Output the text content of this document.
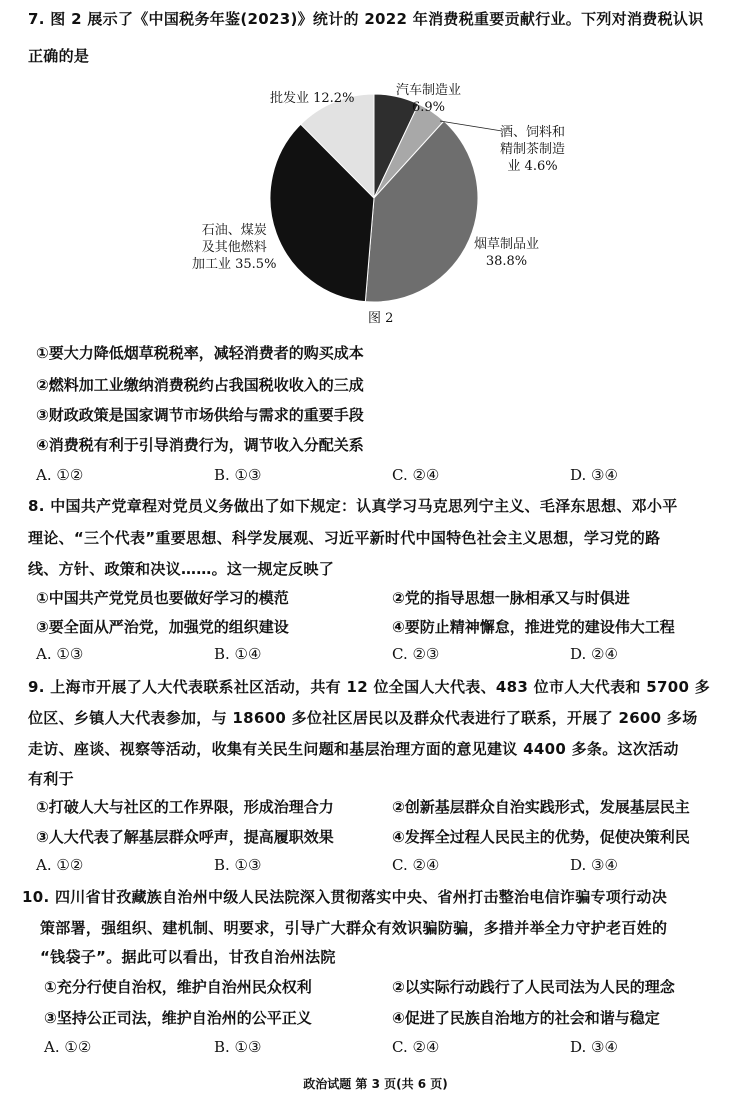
7. 图 2 展示了《中国税务年鉴(2023)》统计的 2022 年消费税重要贡献行业。下列对消费税认识
正确的是
汽车制造业
6.9%
酒、饲料和
精制茶制造
业 4.6%
烟草制品业
38.8%
石油、煤炭
及其他燃料
加工业 35.5%
批发业 12.2%
图 2
①要大力降低烟草税税率，减轻消费者的购买成本
②燃料加工业缴纳消费税约占我国税收收入的三成
③财政政策是国家调节市场供给与需求的重要手段
④消费税有利于引导消费行为，调节收入分配关系
A. ①②	B. ①③	C. ②④	D. ③④
8. 中国共产党章程对党员义务做出了如下规定：认真学习马克思列宁主义、毛泽东思想、邓小平
理论、“三个代表”重要思想、科学发展观、习近平新时代中国特色社会主义思想，学习党的路
线、方针、政策和决议……。这一规定反映了
①中国共产党党员也要做好学习的模范	②党的指导思想一脉相承又与时俱进
③要全面从严治党，加强党的组织建设	④要防止精神懈怠，推进党的建设伟大工程
A. ①③	B. ①④	C. ②③	D. ②④
9. 上海市开展了人大代表联系社区活动，共有 12 位全国人大代表、483 位市人大代表和 5700 多
位区、乡镇人大代表参加，与 18600 多位社区居民以及群众代表进行了联系，开展了 2600 多场
走访、座谈、视察等活动，收集有关民生问题和基层治理方面的意见建议 4400 多条。这次活动
有利于
①打破人大与社区的工作界限，形成治理合力	②创新基层群众自治实践形式，发展基层民主
③人大代表了解基层群众呼声，提高履职效果	④发挥全过程人民民主的优势，促使决策利民
A. ①②	B. ①③	C. ②④	D. ③④
10. 四川省甘孜藏族自治州中级人民法院深入贯彻落实中央、省州打击整治电信诈骗专项行动决
策部署，强组织、建机制、明要求，引导广大群众有效识骗防骗，多措并举全力守护老百姓的
“钱袋子”。据此可以看出，甘孜自治州法院
①充分行使自治权，维护自治州民众权利	②以实际行动践行了人民司法为人民的理念
③坚持公正司法，维护自治州的公平正义	④促进了民族自治地方的社会和谐与稳定
A. ①②	B. ①③	C. ②④	D. ③④
政治试题 第 3 页(共 6 页)
